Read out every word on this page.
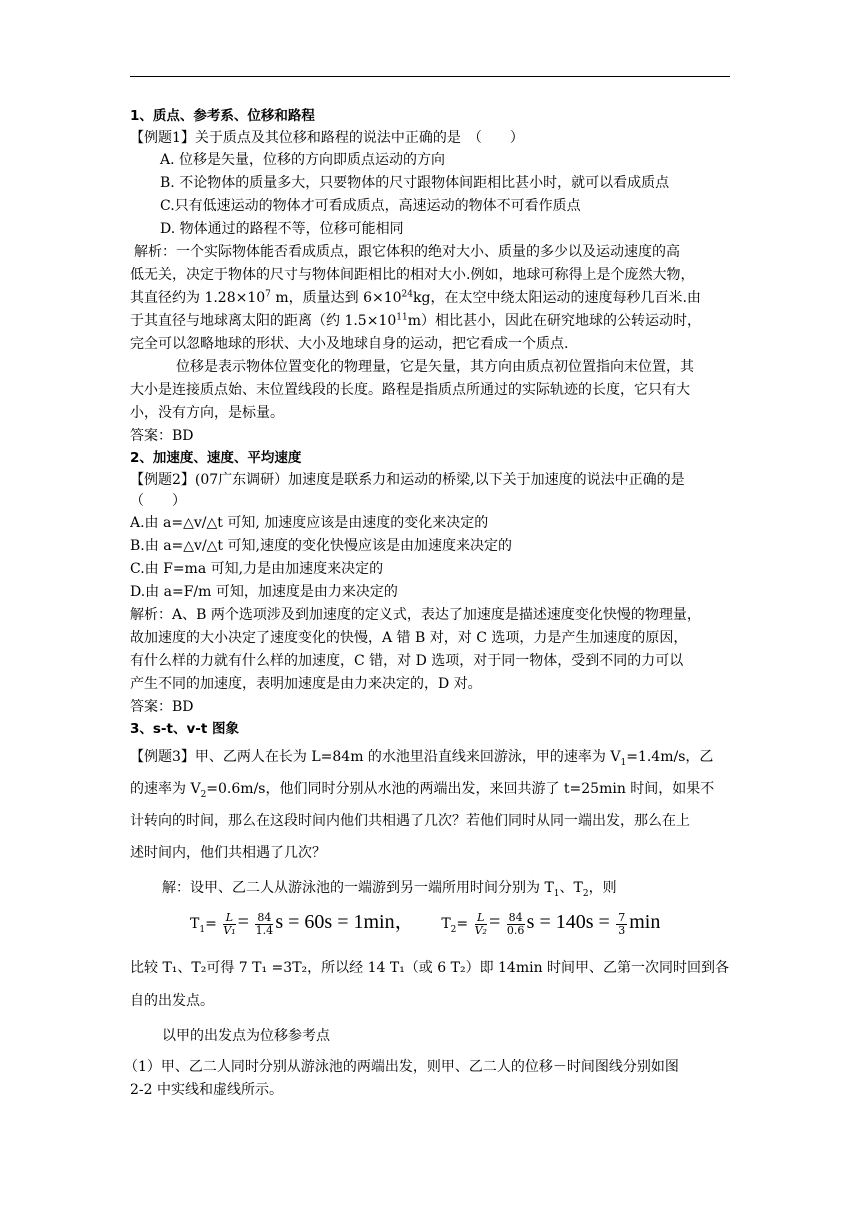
1、质点、参考系、位移和路程
【例题1】关于质点及其位移和路程的说法中正确的是　（　　）
A. 位移是矢量，位移的方向即质点运动的方向
B. 不论物体的质量多大，只要物体的尺寸跟物体间距相比甚小时，就可以看成质点
C.只有低速运动的物体才可看成质点，高速运动的物体不可看作质点
D. 物体通过的路程不等，位移可能相同
解析：一个实际物体能否看成质点，跟它体积的绝对大小、质量的多少以及运动速度的高
低无关，决定于物体的尺寸与物体间距相比的相对大小.例如，地球可称得上是个庞然大物，
其直径约为 $1.28\times 10^7$ m，质量达到 $6\times 10^{24}kg$，在太空中绕太阳运动的速度每秒几百米.由
于其直径与地球离太阳的距离（约 $1.5\times 10^{11}m$）相比甚小，因此在研究地球的公转运动时，
完全可以忽略地球的形状、大小及地球自身的运动，把它看成一个质点.
位移是表示物体位置变化的物理量，它是矢量，其方向由质点初位置指向末位置，其
大小是连接质点始、末位置线段的长度。路程是指质点所通过的实际轨迹的长度，它只有大
小，没有方向，是标量。
答案：BD
2、加速度、速度、平均速度
【例题2】(07广东调研）加速度是联系力和运动的桥梁,以下关于加速度的说法中正确的是
（　　）
A.由 a=△v/△t 可知, 加速度应该是由速度的变化来决定的
B.由 a=△v/△t 可知,速度的变化快慢应该是由加速度来决定的
C.由 F=ma 可知,力是由加速度来决定的
D.由 a=F/m 可知，加速度是由力来决定的
解析：A、B 两个选项涉及到加速度的定义式，表达了加速度是描述速度变化快慢的物理量，
故加速度的大小决定了速度变化的快慢，A 错 B 对，对 C 选项，力是产生加速度的原因，
有什么样的力就有什么样的加速度，C 错，对 D 选项，对于同一物体，受到不同的力可以
产生不同的加速度，表明加速度是由力来决定的，D 对。
答案：BD
3、s-t、v-t 图象
【例题3】甲、乙两人在长为 L=84m 的水池里沿直线来回游泳，甲的速率为 $V_1=1.4m/s$，乙
的速率为 $V_2=0.6m/s$，他们同时分别从水池的两端出发，来回共游了 t=25min 时间，如果不
计转向的时间，那么在这段时间内他们共相遇了几次？若他们同时从同一端出发，那么在上
述时间内，他们共相遇了几次？
解：设甲、乙二人从游泳池的一端游到另一端所用时间分别为 $T_1$、$T_2$，则
$T_1= \frac{L}{\text{V₁}} = \frac{84}{1.4}$ s = 60s = 1min， $T_2= \frac{L}{\text{V₂}} = \frac{84}{0.6}$ $s = 140s = \frac{7}{3}$ min
比较 T₁、T₂可得 7 T₁ =3T₂，所以经 14 T₁（或 6 T₂）即 14min 时间甲、乙第一次同时回到各
自的出发点。
以甲的出发点为位移参考点
（1）甲、乙二人同时分别从游泳池的两端出发，则甲、乙二人的位移－时间图线分别如图
2-2 中实线和虚线所示。
